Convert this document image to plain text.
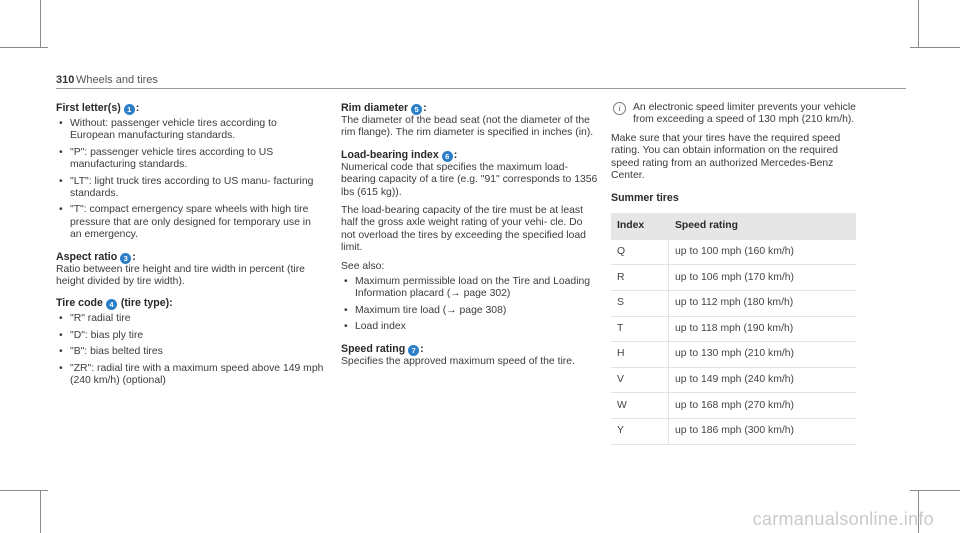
310 Wheels and tires
First letter(s) 1 :
• Without: passenger vehicle tires according to European manufacturing standards.
• "P": passenger vehicle tires according to US manufacturing standards.
• "LT": light truck tires according to US manu- facturing standards.
• "T": compact emergency spare wheels with high tire pressure that are only designed for temporary use in an emergency.
Aspect ratio 3 :

Ratio between tire height and tire width in percent (tire height divided by tire width).

Tire code 4 (tire type):
• "R" radial tire
• "D": bias ply tire
• "B": bias belted tires
• "ZR": radial tire with a maximum speed above 149 mph (240 km/h) (optional)
Rim diameter 5 :

The diameter of the bead seat (not the diameter of the rim flange). The rim diameter is specified in inches (in).

Load-bearing index 6 :

Numerical code that specifies the maximum load- bearing capacity of a tire (e.g. "91" corresponds to 1356 lbs (615 kg)).

The load-bearing capacity of the tire must be at least half the gross axle weight rating of your vehi- cle. Do not overload the tires by exceeding the specified load limit.

See also:

• Maximum permissible load on the Tire and Loading Information placard (→ page 302)
• Maximum tire load (→ page 308)
• Load index
Speed rating 7 :

Specifies the approved maximum speed of the tire.

i	An electronic speed limiter prevents your vehicle from exceeding a speed of 130 mph (210 km/h).

Make sure that your tires have the required speed rating. You can obtain information on the required speed rating from an authorized Mercedes-Benz Center.

Summer tires
Index	Speed rating
Q	up to 100 mph (160 km/h)
R	up to 106 mph (170 km/h)
S	up to 112 mph (180 km/h)
T	up to 118 mph (190 km/h)
H	up to 130 mph (210 km/h)
V	up to 149 mph (240 km/h)
W	up to 168 mph (270 km/h)
Y	up to 186 mph (300 km/h)
carmanualsonline.info
